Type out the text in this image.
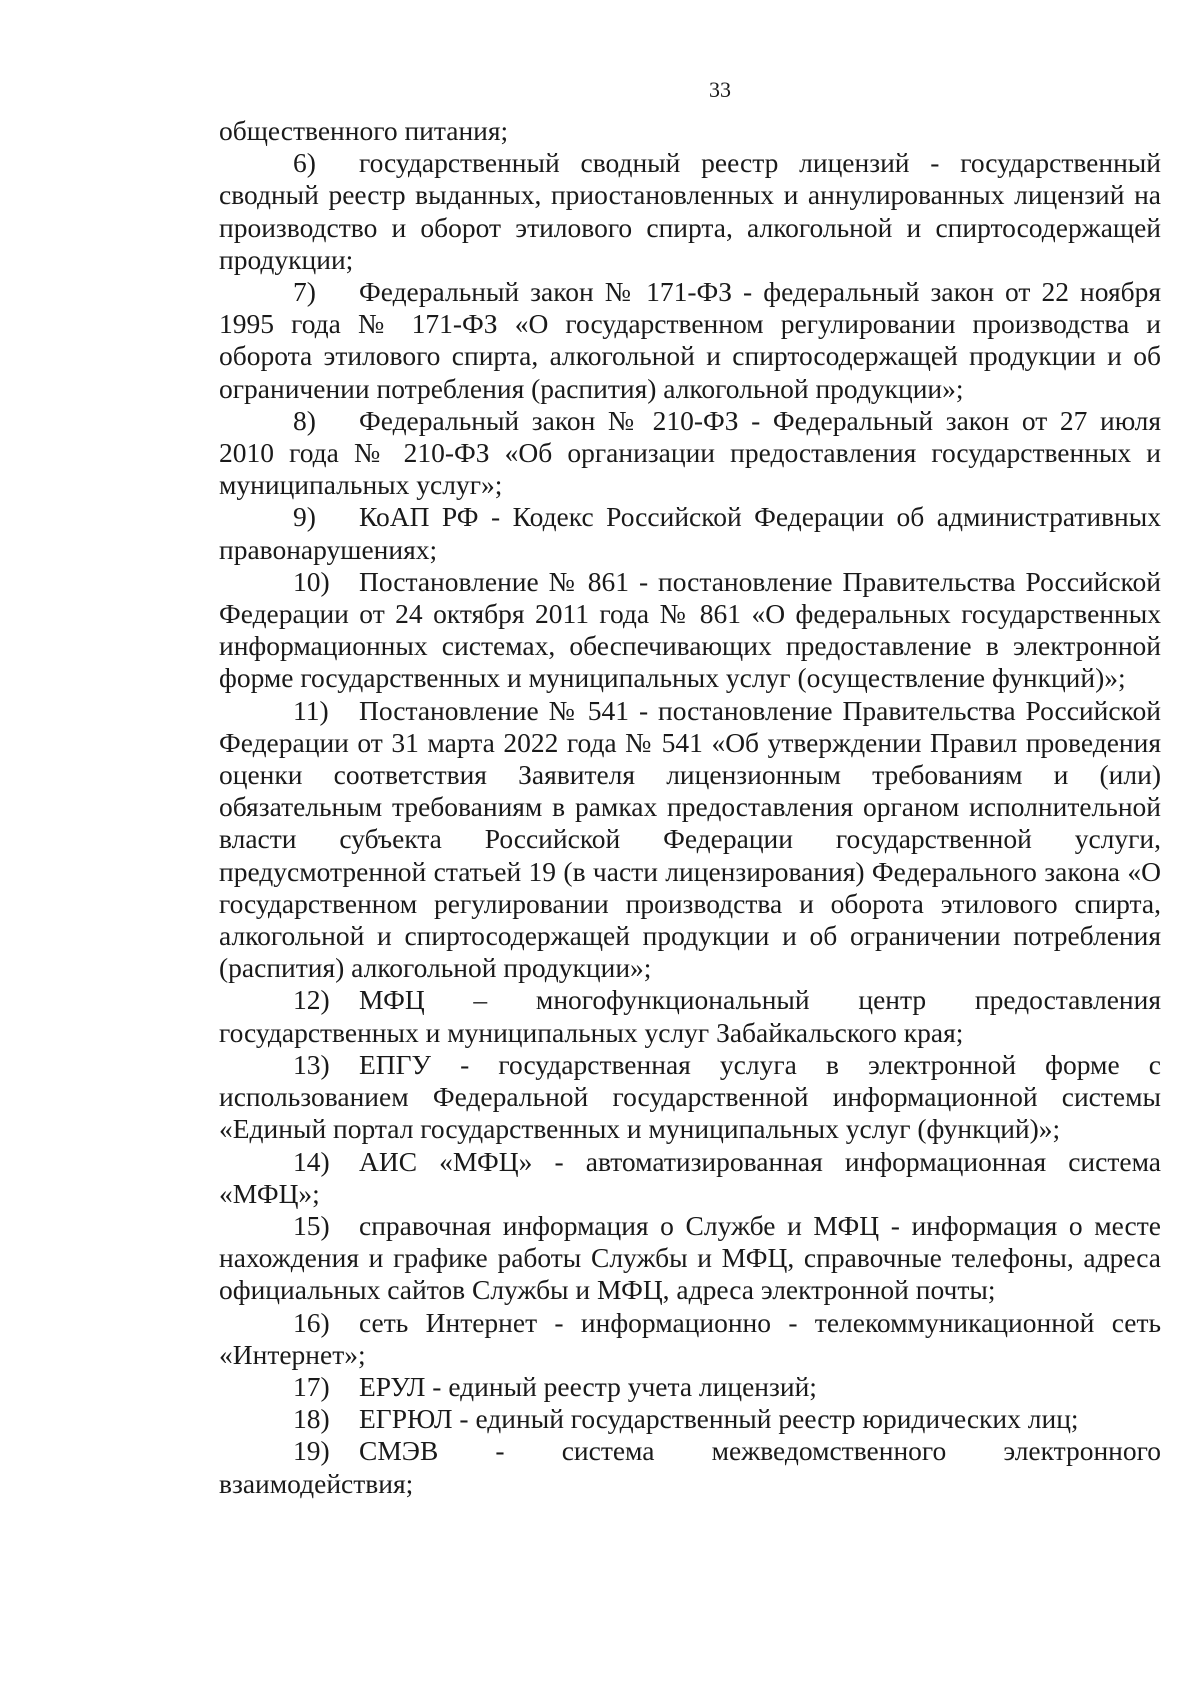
33

общественного питания;

6) государственный сводный реестр лицензий - государственный сводный реестр выданных, приостановленных и аннулированных лицензий на производство и оборот этилового спирта, алкогольной и спиртосодержащей продукции;

7) Федеральный закон № 171-ФЗ - федеральный закон от 22 ноября 1995 года № 171-ФЗ «О государственном регулировании производства и оборота этилового спирта, алкогольной и спиртосодержащей продукции и об ограничении потребления (распития) алкогольной продукции»;

8) Федеральный закон № 210-ФЗ - Федеральный закон от 27 июля 2010 года № 210-ФЗ «Об организации предоставления государственных и муниципальных услуг»;

9) КоАП РФ - Кодекс Российской Федерации об административных правонарушениях;

10) Постановление № 861 - постановление Правительства Российской Федерации от 24 октября 2011 года № 861 «О федеральных государственных информационных системах, обеспечивающих предоставление в электронной форме государственных и муниципальных услуг (осуществление функций)»;

11) Постановление № 541 - постановление Правительства Российской Федерации от 31 марта 2022 года № 541 «Об утверждении Правил проведения оценки соответствия Заявителя лицензионным требованиям и (или) обязательным требованиям в рамках предоставления органом исполнительной власти субъекта Российской Федерации государственной услуги, предусмотренной статьей 19 (в части лицензирования) Федерального закона «О государственном регулировании производства и оборота этилового спирта, алкогольной и спиртосодержащей продукции и об ограничении потребления (распития) алкогольной продукции»;

12) МФЦ – многофункциональный центр предоставления государственных и муниципальных услуг Забайкальского края;

13) ЕПГУ - государственная услуга в электронной форме с использованием Федеральной государственной информационной системы «Единый портал государственных и муниципальных услуг (функций)»;

14) АИС «МФЦ» - автоматизированная информационная система «МФЦ»;

15) справочная информация о Службе и МФЦ - информация о месте нахождения и графике работы Службы и МФЦ, справочные телефоны, адреса официальных сайтов Службы и МФЦ, адреса электронной почты;

16) сеть Интернет - информационно - телекоммуникационной сеть «Интернет»;

17) ЕРУЛ - единый реестр учета лицензий;

18) ЕГРЮЛ - единый государственный реестр юридических лиц;

19) СМЭВ - система межведомственного электронного взаимодействия;
